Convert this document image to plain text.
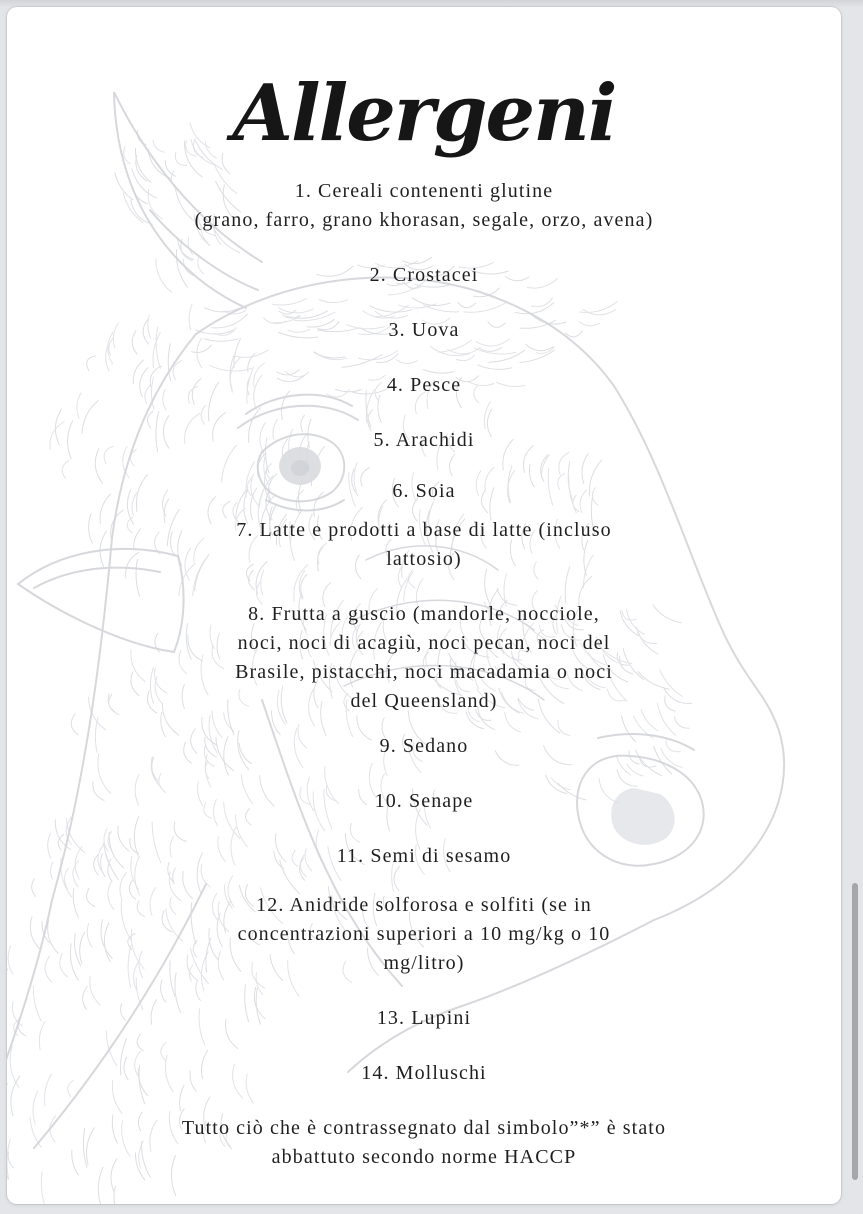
Allergeni
1. Cereali contenenti glutine
(grano, farro, grano khorasan, segale, orzo, avena)
2. Crostacei
3. Uova
4. Pesce
5. Arachidi
6. Soia
7. Latte e prodotti a base di latte (incluso
lattosio)
8. Frutta a guscio (mandorle, nocciole,
noci, noci di acagiù, noci pecan, noci del
Brasile, pistacchi, noci macadamia o noci
del Queensland)
9. Sedano
10. Senape
11. Semi di sesamo
12. Anidride solforosa e solfiti (se in
concentrazioni superiori a 10 mg/kg o 10
mg/litro)
13. Lupini
14. Molluschi
Tutto ciò che è contrassegnato dal simbolo”*” è stato
abbattuto secondo norme HACCP
